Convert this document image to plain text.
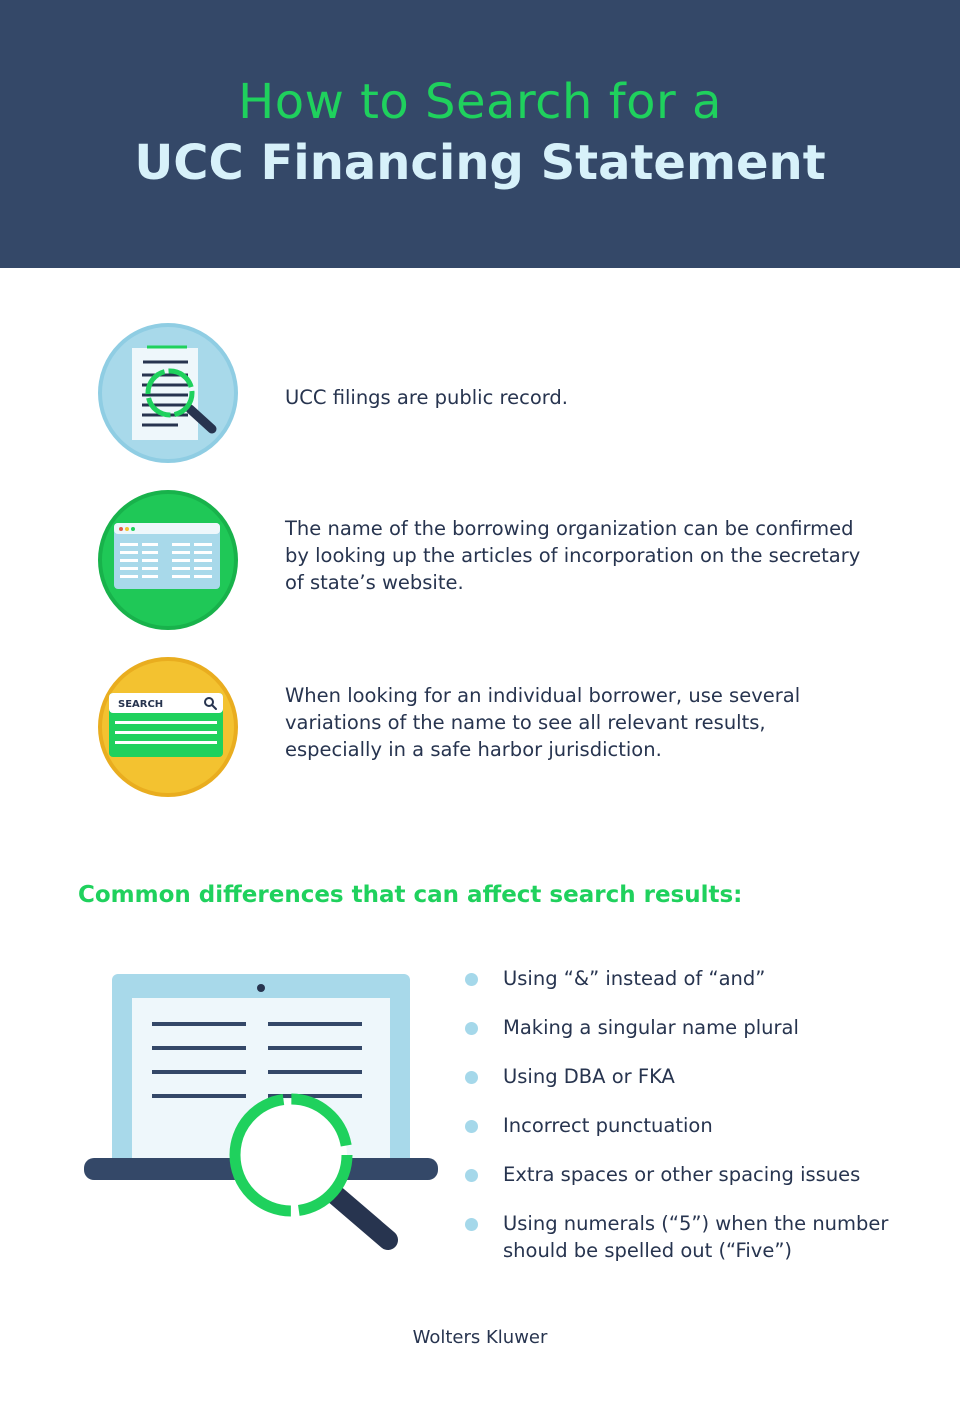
How to Search for a
UCC Financing Statement
UCC filings are public record.
The name of the borrowing organization can be confirmed by looking up the articles of incorporation on the secretary of state’s website.
SEARCH	When looking for an individual borrower, use several variations of the name to see all relevant results, especially in a safe harbor jurisdiction.
Common differences that can affect search results:
Using “&” instead of “and”
Making a singular name plural
Using DBA or FKA
Incorrect punctuation
Extra spaces or other spacing issues
Using numerals (“5”) when the number should be spelled out (“Five”)
Wolters Kluwer
